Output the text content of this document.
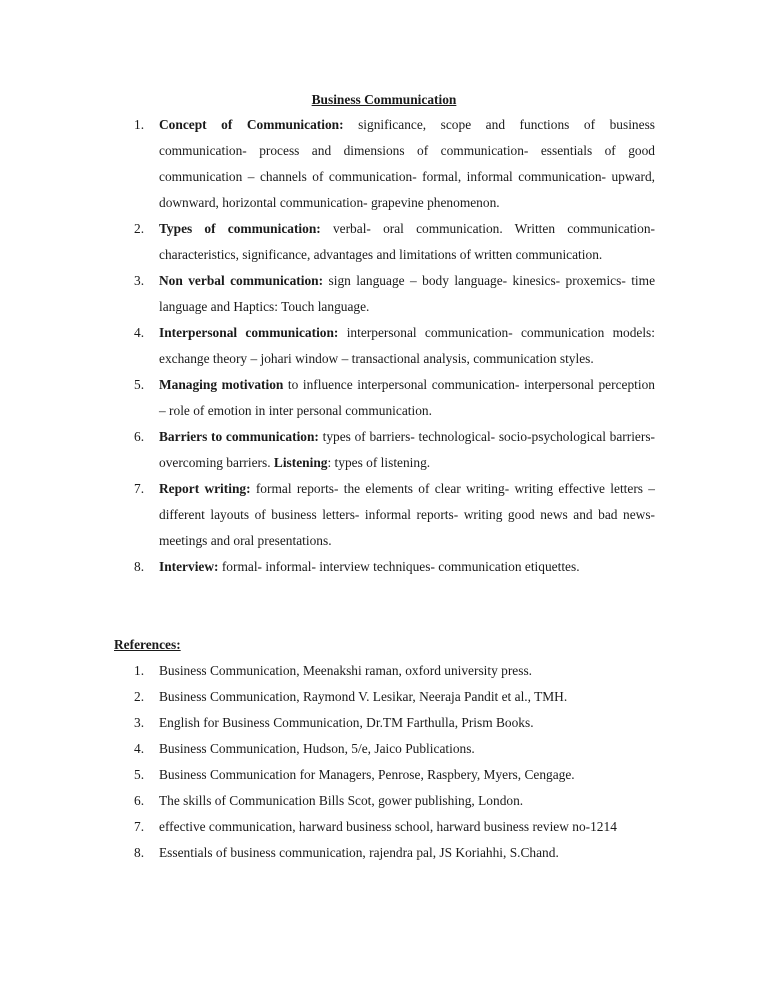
Business Communication
1. Concept of Communication: significance, scope and functions of business communication- process and dimensions of communication- essentials of good communication – channels of communication- formal, informal communication- upward, downward, horizontal communication- grapevine phenomenon.
2. Types of communication: verbal- oral communication. Written communication- characteristics, significance, advantages and limitations of written communication.
3. Non verbal communication: sign language – body language- kinesics- proxemics- time language and Haptics: Touch language.
4. Interpersonal communication: interpersonal communication- communication models: exchange theory – johari window – transactional analysis, communication styles.
5. Managing motivation to influence interpersonal communication- interpersonal perception – role of emotion in inter personal communication.
6. Barriers to communication: types of barriers- technological- socio-psychological barriers- overcoming barriers. Listening: types of listening.
7. Report writing: formal reports- the elements of clear writing- writing effective letters – different layouts of business letters- informal reports- writing good news and bad news- meetings and oral presentations.
8. Interview: formal- informal- interview techniques- communication etiquettes.
References:
1. Business Communication, Meenakshi raman, oxford university press.
2. Business Communication, Raymond V. Lesikar, Neeraja Pandit et al., TMH.
3. English for Business Communication, Dr.TM Farthulla, Prism Books.
4. Business Communication, Hudson, 5/e, Jaico Publications.
5. Business Communication for Managers, Penrose, Raspbery, Myers, Cengage.
6. The skills of Communication Bills Scot, gower publishing, London.
7. effective communication, harward business school, harward business review no-1214
8. Essentials of business communication, rajendra pal, JS Koriahhi, S.Chand.
